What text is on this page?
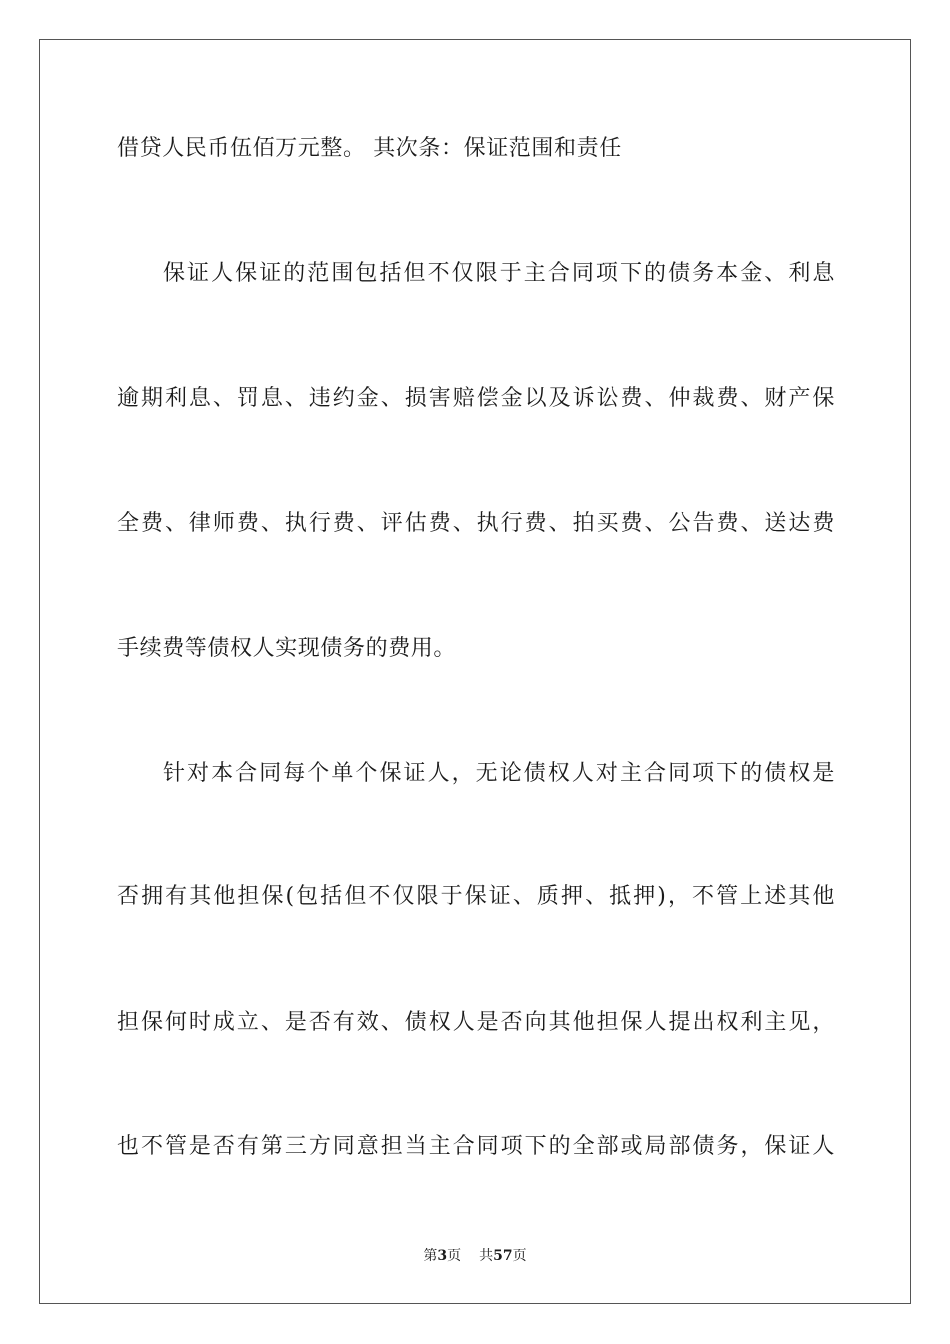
借贷人民币伍佰万元整。 其次条：保证范围和责任
保证人保证的范围包括但不仅限于主合同项下的债务本金、利息
逾期利息、罚息、违约金、损害赔偿金以及诉讼费、仲裁费、财产保
全费、律师费、执行费、评估费、执行费、拍买费、公告费、送达费
手续费等债权人实现债务的费用。
针对本合同每个单个保证人，无论债权人对主合同项下的债权是
否拥有其他担保(包括但不仅限于保证、质押、抵押)，不管上述其他
担保何时成立、是否有效、债权人是否向其他担保人提出权利主见，
也不管是否有第三方同意担当主合同项下的全部或局部债务，保证人
第3页 共57页
